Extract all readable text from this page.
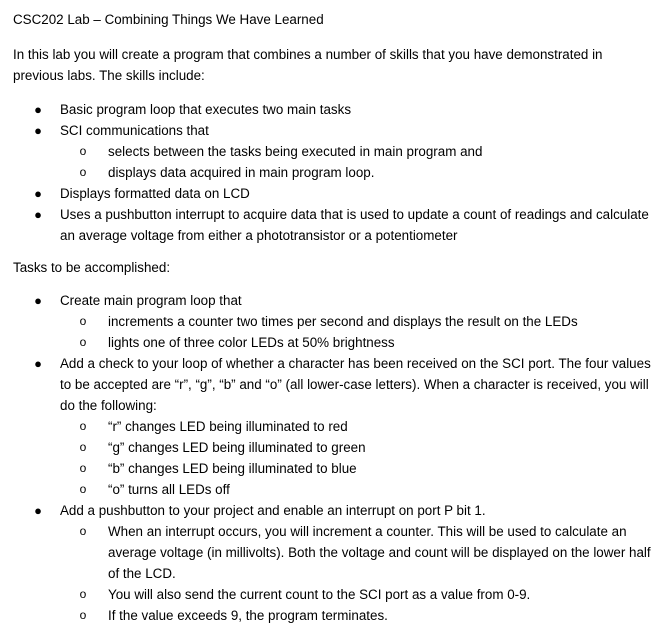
CSC202 Lab – Combining Things We Have Learned

In this lab you will create a program that combines a number of skills that you have demonstrated in previous labs. The skills include:

● Basic program loop that executes two main tasks
● SCI communications that
o selects between the tasks being executed in main program and
o displays data acquired in main program loop.
● Displays formatted data on LCD
● Uses a pushbutton interrupt to acquire data that is used to update a count of readings and calculate an average voltage from either a phototransistor or a potentiometer

Tasks to be accomplished:

● Create main program loop that
o increments a counter two times per second and displays the result on the LEDs
o lights one of three color LEDs at 50% brightness
● Add a check to your loop of whether a character has been received on the SCI port. The four values to be accepted are “r”, “g”, “b” and “o” (all lower-case letters). When a character is received, you will do the following:
o “r” changes LED being illuminated to red
o “g” changes LED being illuminated to green
o “b” changes LED being illuminated to blue
o “o” turns all LEDs off
● Add a pushbutton to your project and enable an interrupt on port P bit 1.
o When an interrupt occurs, you will increment a counter. This will be used to calculate an average voltage (in millivolts). Both the voltage and count will be displayed on the lower half of the LCD.
o You will also send the current count to the SCI port as a value from 0-9.
o If the value exceeds 9, the program terminates.
